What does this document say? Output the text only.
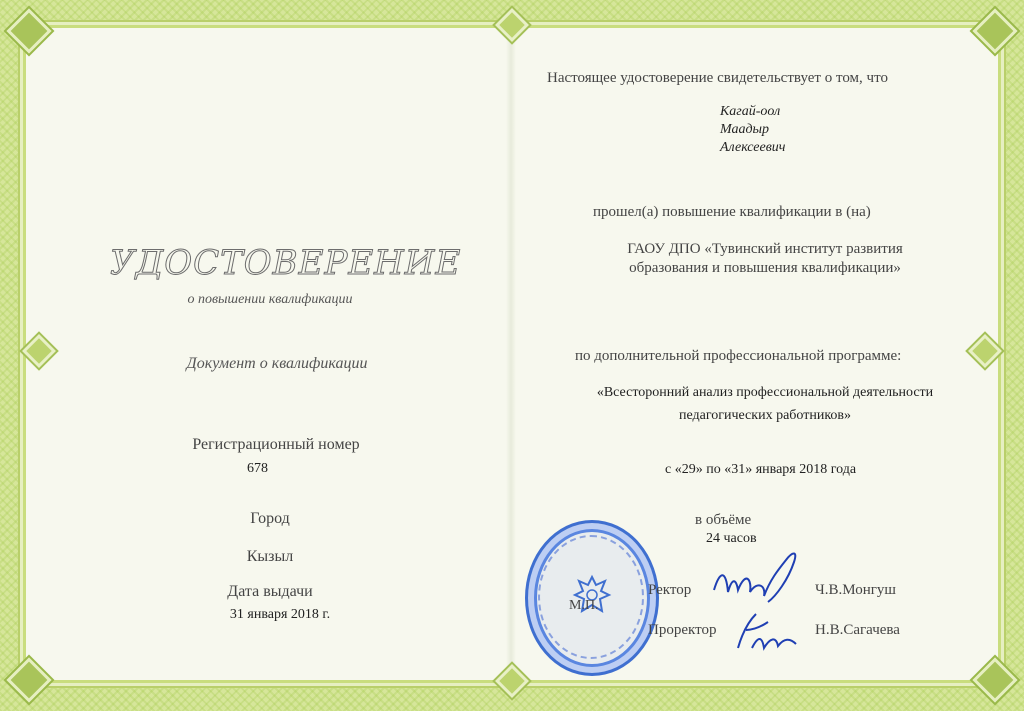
УДОСТОВЕРЕНИЕ
о повышении квалификации
Документ о квалификации
Регистрационный номер
678
Город
Кызыл
Дата выдачи
31 января 2018 г.
Настоящее удостоверение свидетельствует о том, что
Кагай-оол
Маадыр
Алексеевич
прошел(а) повышение квалификации в (на)
ГАОУ ДПО «Тувинский институт развития
образования и повышения квалификации»
по дополнительной профессиональной программе:
«Всесторонний анализ профессиональной деятельности
педагогических работников»
с «29» по «31» января 2018 года
в объёме
24 часов
М.П.
Ректор	Ч.В.Монгуш
Проректор	Н.В.Сагачева
